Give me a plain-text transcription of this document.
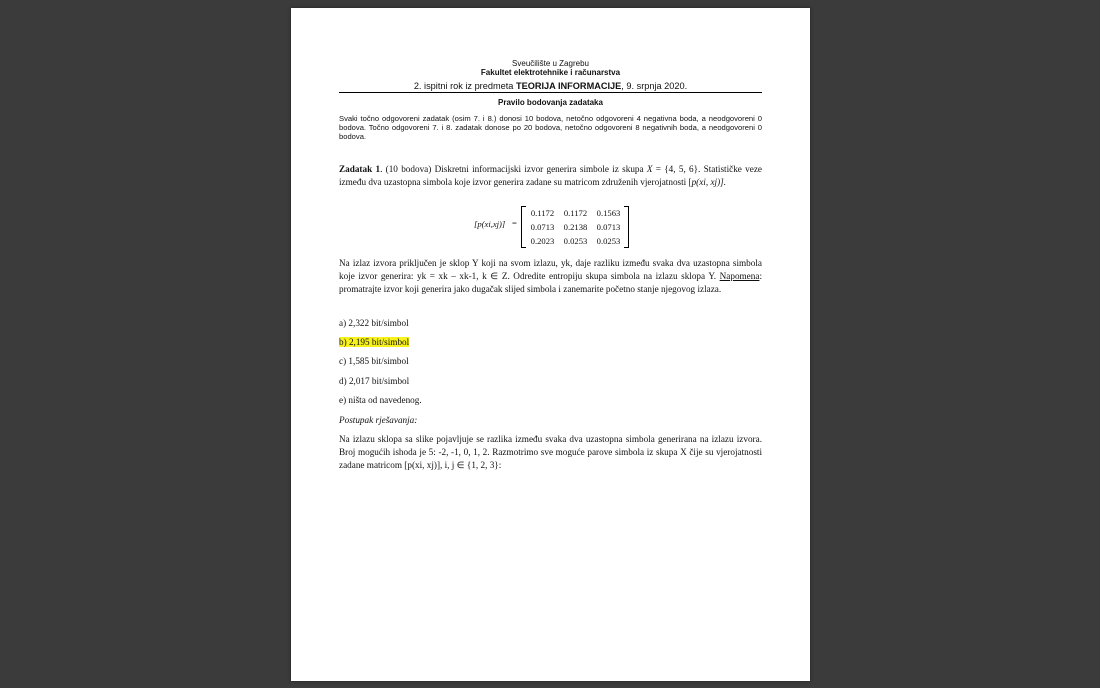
Sveučilište u Zagrebu
Fakultet elektrotehnike i računarstva
2. ispitni rok iz predmeta TEORIJA INFORMACIJE, 9. srpnja 2020.
Pravilo bodovanja zadataka
Svaki točno odgovoreni zadatak (osim 7. i 8.) donosi 10 bodova, netočno odgovoreni 4 negativna boda, a neodgovoreni 0 bodova. Točno odgovoreni 7. i 8. zadatak donose po 20 bodova, netočno odgovoreni 8 negativnih boda, a neodgovoreni 0 bodova.
Zadatak 1. (10 bodova) Diskretni informacijski izvor generira simbole iz skupa X = {4, 5, 6}. Statističke veze između dva uzastopna simbola koje izvor generira zadane su matricom združenih vjerojatnosti [p(xi, xj)].
[p(xi,xj)] =
0.1172	0.1172	0.1563
0.0713	0.2138	0.0713
0.2023	0.0253	0.0253
Na izlaz izvora priključen je sklop Y koji na svom izlazu, yk, daje razliku između svaka dva uzastopna simbola koje izvor generira: yk = xk – xk-1, k ∈ Z. Odredite entropiju skupa simbola na izlazu sklopa Y. Napomena: promatrajte izvor koji generira jako dugačak slijed simbola i zanemarite početno stanje njegovog izlaza.
a) 2,322 bit/simbol
b) 2,195 bit/simbol
c) 1,585 bit/simbol
d) 2,017 bit/simbol
e) ništa od navedenog.
Postupak rješavanja:
Na izlazu sklopa sa slike pojavljuje se razlika između svaka dva uzastopna simbola generirana na izlazu izvora. Broj mogućih ishoda je 5: -2, -1, 0, 1, 2. Razmotrimo sve moguće parove simbola iz skupa X čije su vjerojatnosti zadane matricom [p(xi, xj)], i, j ∈ {1, 2, 3}:
